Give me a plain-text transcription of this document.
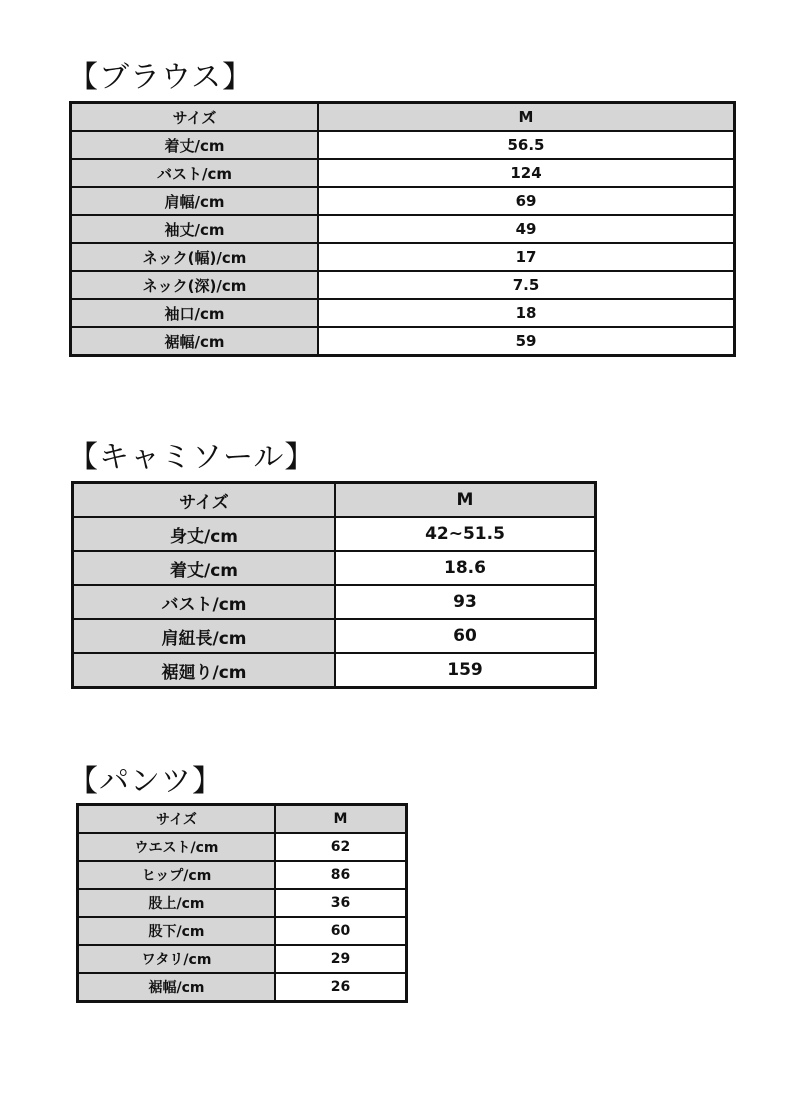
【ブラウス】
サイズ	M
着丈/cm	56.5
バスト/cm	124
肩幅/cm	69
袖丈/cm	49
ネック(幅)/cm	17
ネック(深)/cm	7.5
袖口/cm	18
裾幅/cm	59
【キャミソール】
サイズ	M
身丈/cm	42~51.5
着丈/cm	18.6
バスト/cm	93
肩紐長/cm	60
裾廻り/cm	159
【パンツ】
サイズ	M
ウエスト/cm	62
ヒップ/cm	86
股上/cm	36
股下/cm	60
ワタリ/cm	29
裾幅/cm	26
